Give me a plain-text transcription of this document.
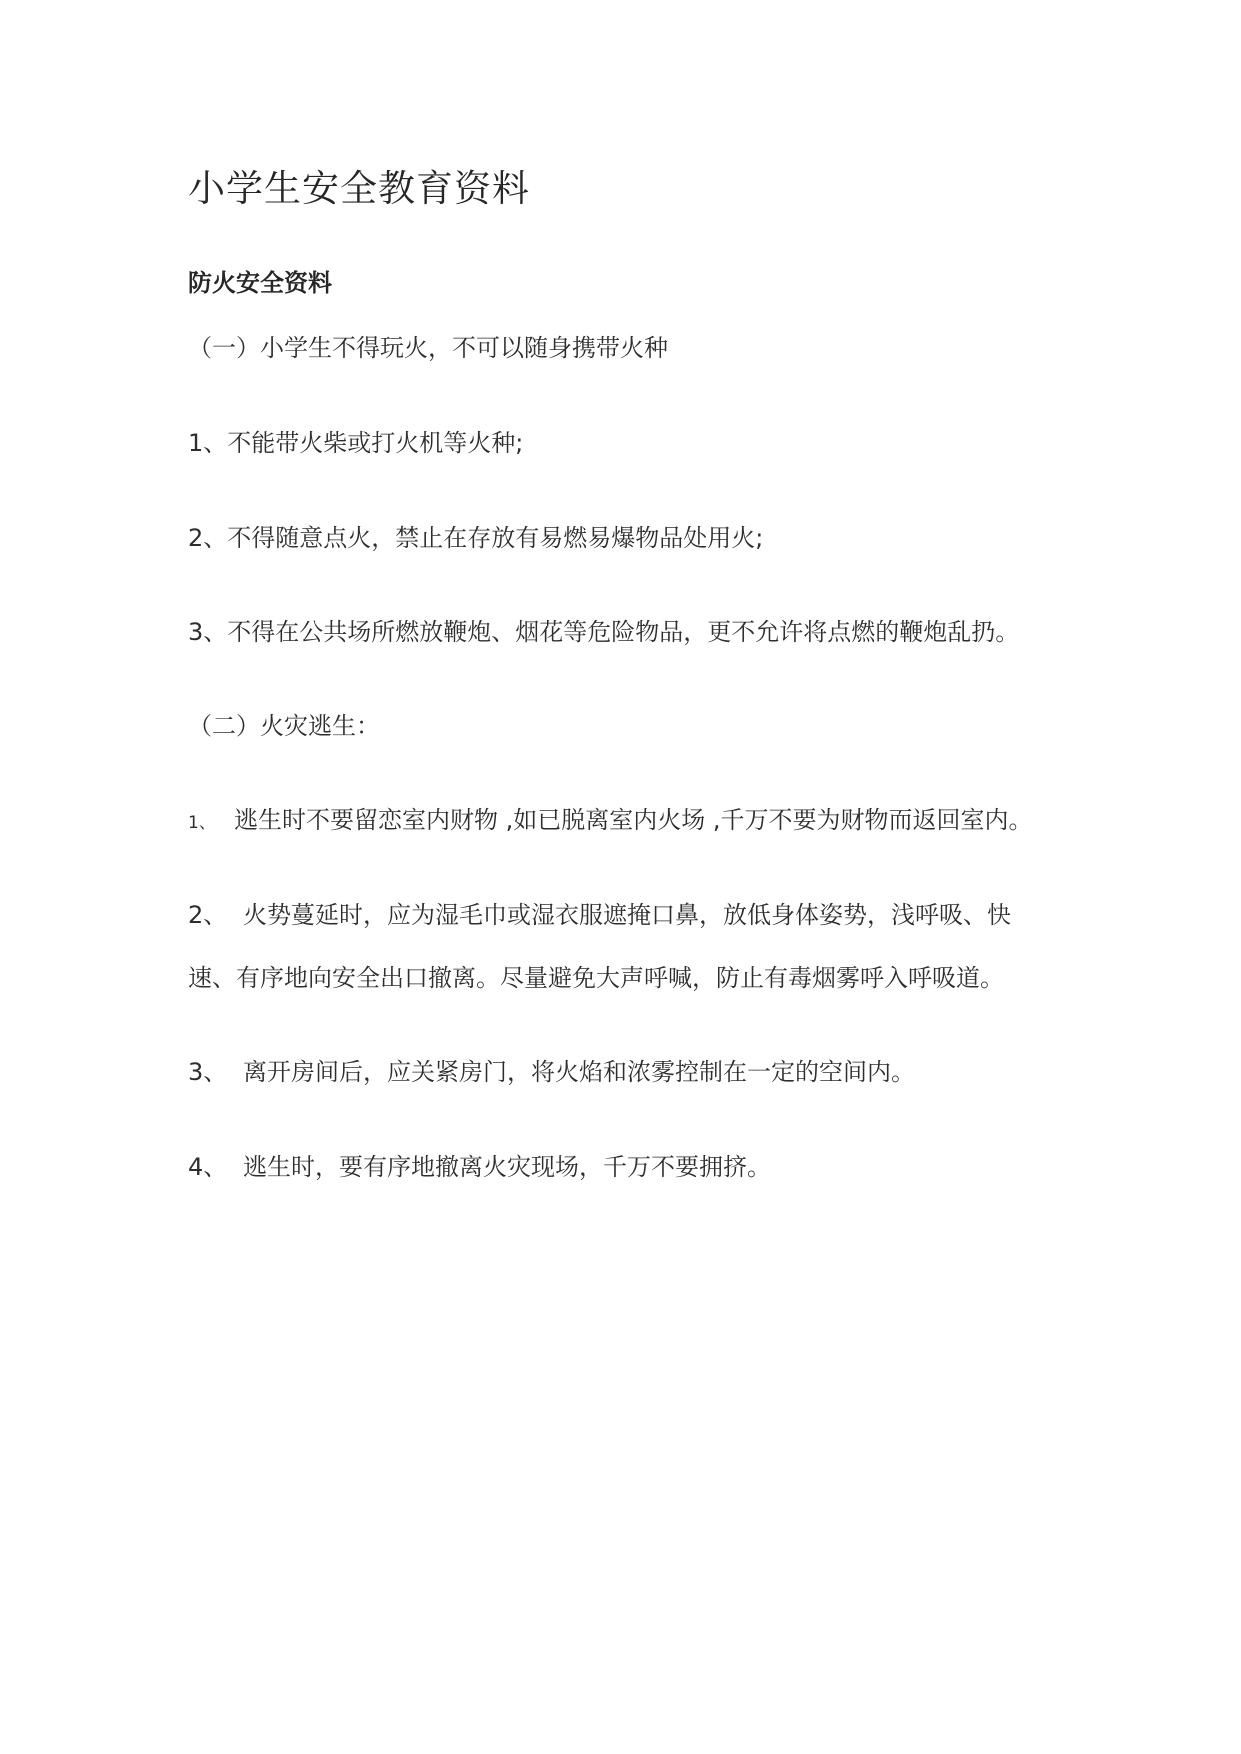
小学生安全教育资料
防火安全资料

（一）小学生不得玩火，不可以随身携带火种

1、不能带火柴或打火机等火种;

2、不得随意点火，禁止在存放有易燃易爆物品处用火;

3、不得在公共场所燃放鞭炮、烟花等危险物品，更不允许将点燃的鞭炮乱扔。

（二）火灾逃生：

1、 逃生时不要留恋室内财物 ,如已脱离室内火场 ,千万不要为财物而返回室内。

2、 火势蔓延时，应为湿毛巾或湿衣服遮掩口鼻，放低身体姿势，浅呼吸、快

速、有序地向安全出口撤离。尽量避免大声呼喊，防止有毒烟雾呼入呼吸道。

3、 离开房间后，应关紧房门，将火焰和浓雾控制在一定的空间内。

4、 逃生时，要有序地撤离火灾现场，千万不要拥挤。
